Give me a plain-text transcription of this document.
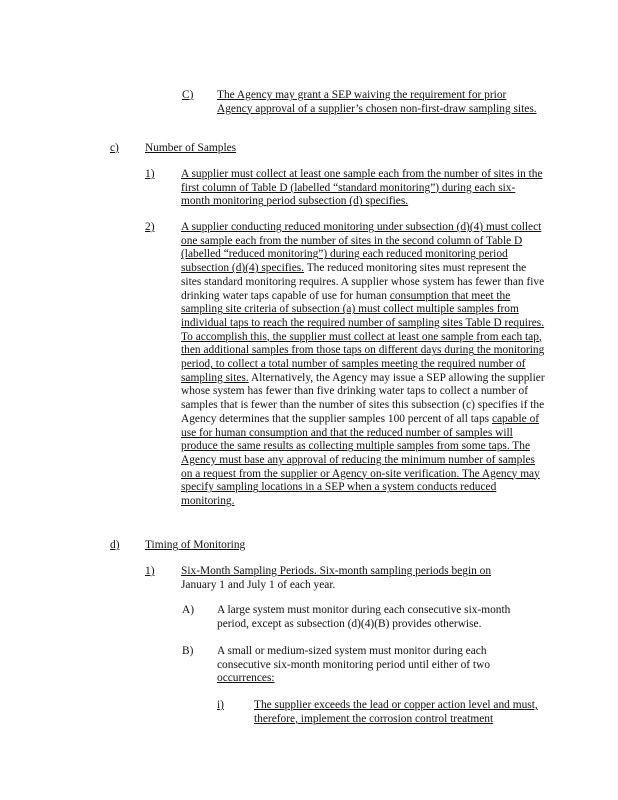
C) The Agency may grant a SEP waiving the requirement for prior Agency approval of a supplier’s chosen non-first-draw sampling sites.
c) Number of Samples
1) A supplier must collect at least one sample each from the number of sites in the first column of Table D (labelled “standard monitoring”) during each six-month monitoring period subsection (d) specifies.
2) A supplier conducting reduced monitoring under subsection (d)(4) must collect one sample each from the number of sites in the second column of Table D (labelled “reduced monitoring”) during each reduced monitoring period subsection (d)(4) specifies. The reduced monitoring sites must represent the sites standard monitoring requires. A supplier whose system has fewer than five drinking water taps capable of use for human consumption that meet the sampling site criteria of subsection (a) must collect multiple samples from individual taps to reach the required number of sampling sites Table D requires. To accomplish this, the supplier must collect at least one sample from each tap, then additional samples from those taps on different days during the monitoring period, to collect a total number of samples meeting the required number of sampling sites. Alternatively, the Agency may issue a SEP allowing the supplier whose system has fewer than five drinking water taps to collect a number of samples that is fewer than the number of sites this subsection (c) specifies if the Agency determines that the supplier samples 100 percent of all taps capable of use for human consumption and that the reduced number of samples will produce the same results as collecting multiple samples from some taps. The Agency must base any approval of reducing the minimum number of samples on a request from the supplier or Agency on-site verification. The Agency may specify sampling locations in a SEP when a system conducts reduced monitoring.
d) Timing of Monitoring
1) Six-Month Sampling Periods. Six-month sampling periods begin on January 1 and July 1 of each year.
A) A large system must monitor during each consecutive six-month period, except as subsection (d)(4)(B) provides otherwise.
B) A small or medium-sized system must monitor during each consecutive six-month monitoring period until either of two occurrences:
i)	The supplier exceeds the lead or copper action level and must, therefore, implement the corrosion control treatment
